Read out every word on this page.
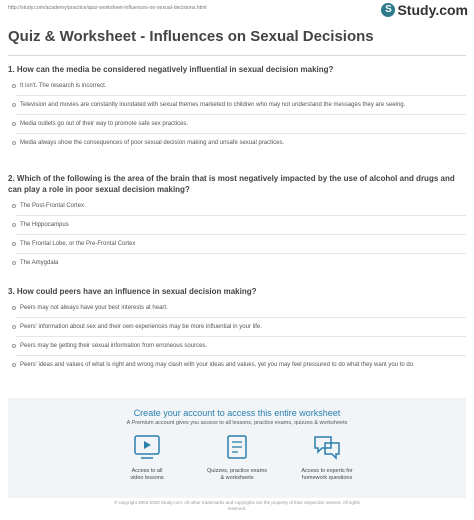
http://study.com/academy/practice/quiz-worksheet-influences-on-sexual-decisions.html	S Study.com
Quiz & Worksheet - Influences on Sexual Decisions
1. How can the media be considered negatively influential in sexual decision making?
It isn't. The research is incorrect.
Television and movies are constantly inundated with sexual themes marketed to children who may not understand the messages they are seeing.
Media outlets go out of their way to promote safe sex practices.
Media always show the consequences of poor sexual decision making and unsafe sexual practices.
2. Which of the following is the area of the brain that is most negatively impacted by the use of alcohol and drugs and can play a role in poor sexual decision making?
The Post-Frontal Cortex
The Hippocampus
The Frontal Lobe, or the Pre-Frontal Cortex
The Amygdala
3. How could peers have an influence in sexual decision making?
Peers may not always have your best interests at heart.
Peers' information about sex and their own experiences may be more influential in your life.
Peers may be getting their sexual information from erroneous sources.
Peers' ideas and values of what is right and wrong may clash with your ideas and values, yet you may feel pressured to do what they want you to do.
Create your account to access this entire worksheet
A Premium account gives you access to all lessons, practice exams, quizzes & worksheets
Access to all
video lessons
Quizzes, practice exams
& worksheets
Access to experts for
homework questions
© copyright 2003-2020 Study.com. All other trademarks and copyrights are the property of their respective owners. All rights
reserved.
